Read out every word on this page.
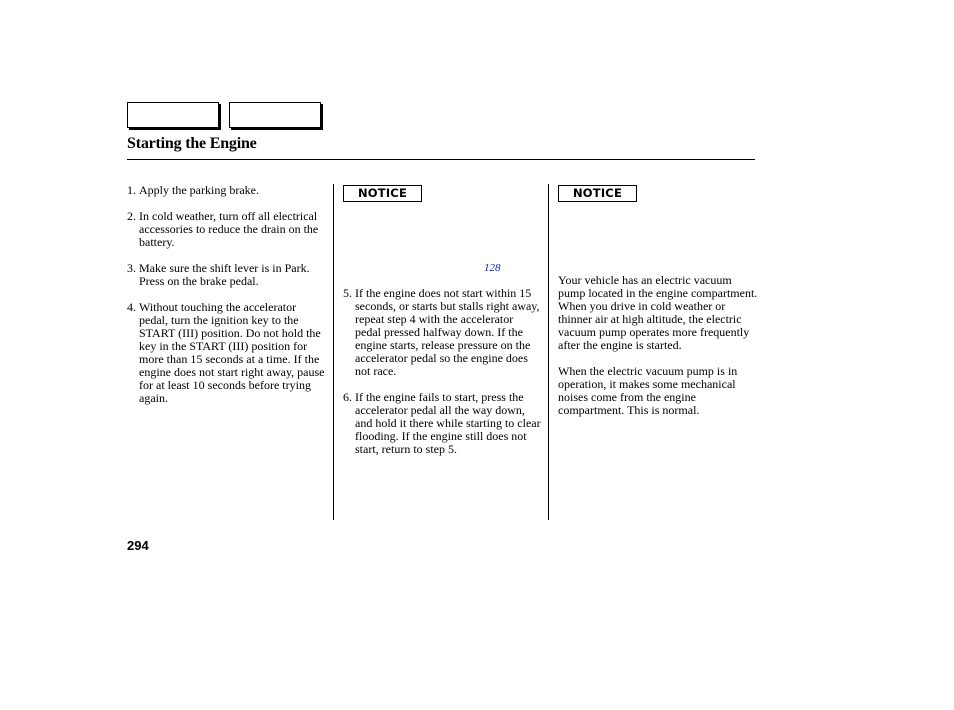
Starting the Engine
1. Apply the parking brake.
2. In cold weather, turn off all electrical accessories to reduce the drain on the battery.
3. Make sure the shift lever is in Park. Press on the brake pedal.
4. Without touching the accelerator pedal, turn the ignition key to the START (III) position. Do not hold the key in the START (III) position for more than 15 seconds at a time. If the engine does not start right away, pause for at least 10 seconds before trying again.
NOTICE
128
5. If the engine does not start within 15 seconds, or starts but stalls right away, repeat step 4 with the accelerator pedal pressed halfway down. If the engine starts, release pressure on the accelerator pedal so the engine does not race.
6. If the engine fails to start, press the accelerator pedal all the way down, and hold it there while starting to clear flooding. If the engine still does not start, return to step 5.
NOTICE
Your vehicle has an electric vacuum pump located in the engine compartment. When you drive in cold weather or thinner air at high altitude, the electric vacuum pump operates more frequently after the engine is started.
When the electric vacuum pump is in operation, it makes some mechanical noises come from the engine compartment. This is normal.
294
